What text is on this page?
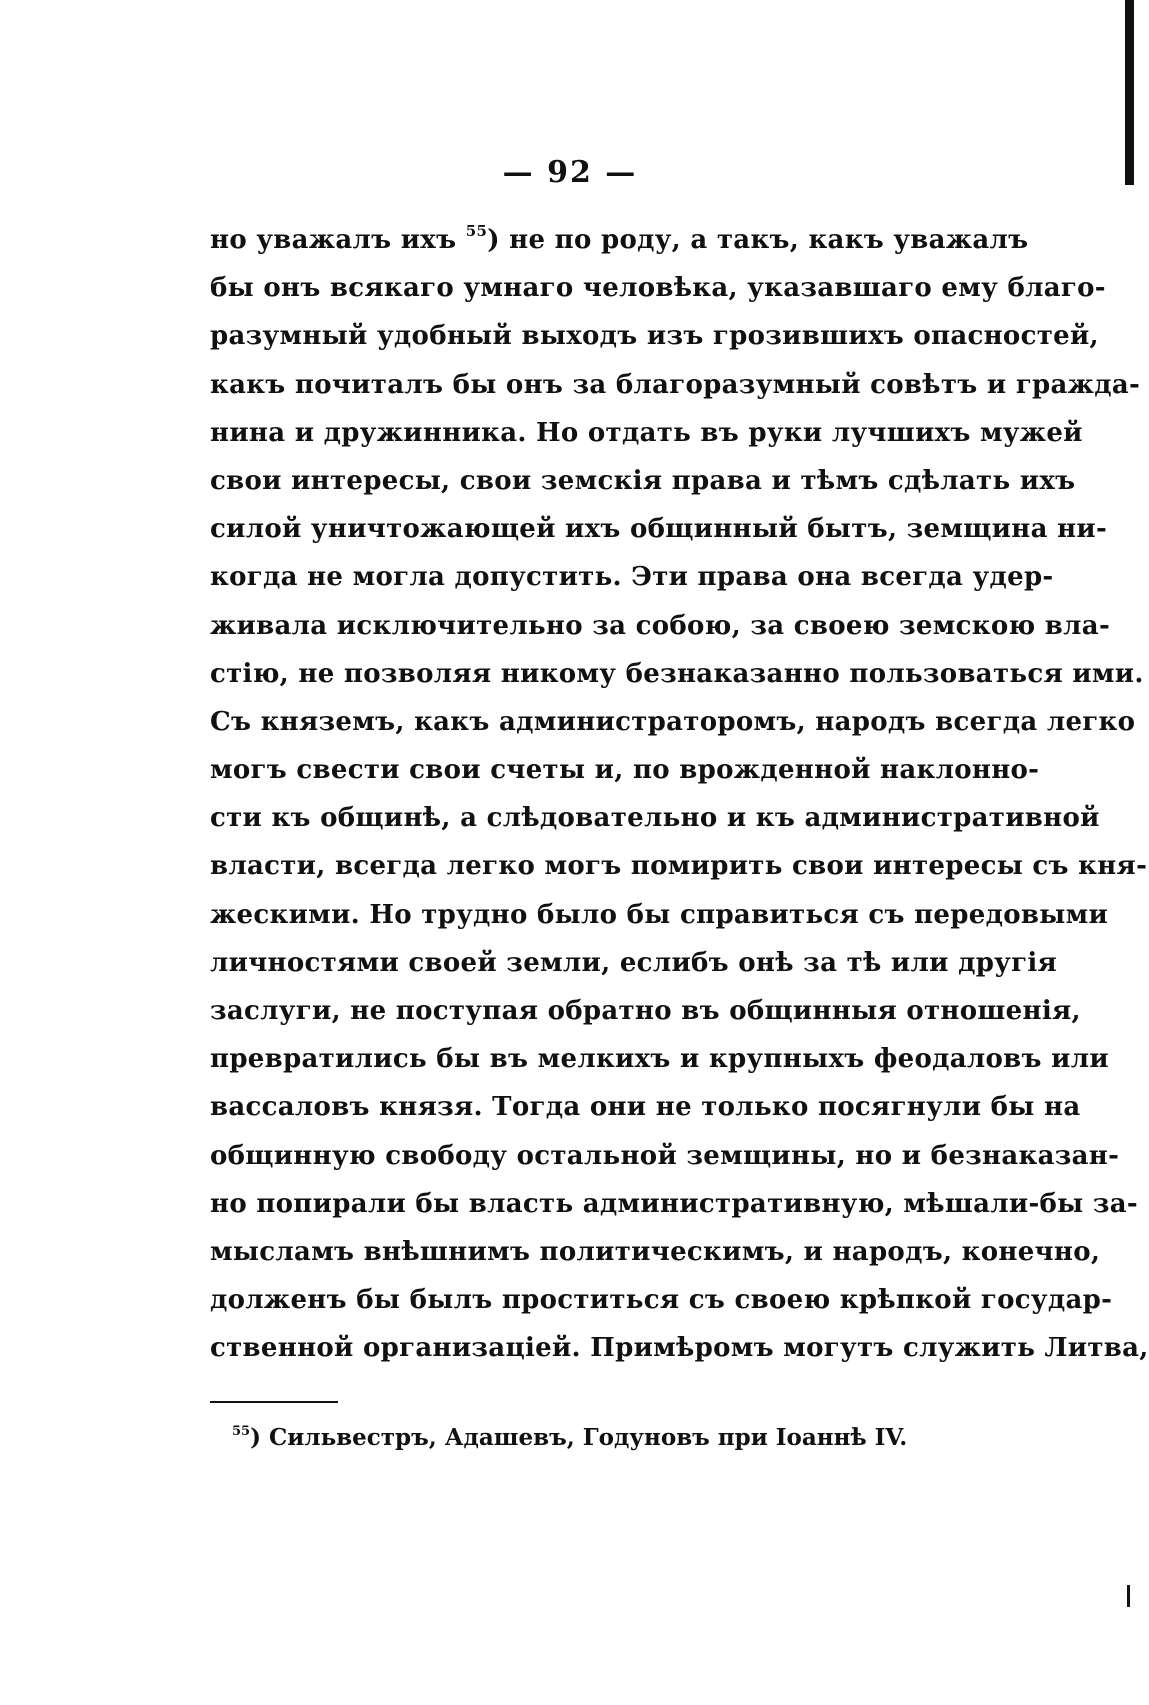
— 92 —
но уважалъ ихъ $^{55}$) не по роду, а такъ, какъ уважалъ
бы онъ всякаго умнаго человѣка, указавшаго ему благо-
разумный удобный выходъ изъ грозившихъ опасностей,
какъ почиталъ бы онъ за благоразумный совѣтъ и гражда-
нина и дружинника. Но отдать въ руки лучшихъ мужей
свои интересы, свои земскія права и тѣмъ сдѣлать ихъ
силой уничтожающей ихъ общинный бытъ, земщина ни-
когда не могла допустить. Эти права она всегда удер-
живала исключительно за собою, за своею земскою вла-
стію, не позволяя никому безнаказанно пользоваться ими.
Съ княземъ, какъ администраторомъ, народъ всегда легко
могъ свести свои счеты и, по врожденной наклонно-
сти къ общинѣ, а слѣдовательно и къ административной
власти, всегда легко могъ помирить свои интересы съ кня-
жескими. Но трудно было бы справиться съ передовыми
личностями своей земли, еслибъ онѣ за тѣ или другія
заслуги, не поступая обратно въ общинныя отношенія,
превратились бы въ мелкихъ и крупныхъ феодаловъ или
вассаловъ князя. Тогда они не только посягнули бы на
общинную свободу остальной земщины, но и безнаказан-
но попирали бы власть административную, мѣшали-бы за-
мысламъ внѣшнимъ политическимъ, и народъ, конечно,
долженъ бы былъ проститься съ своею крѣпкой государ-
ственной организаціей. Примѣромъ могутъ служить Литва,
$^{55}$) Сильвестръ, Адашевъ, Годуновъ при Іоаннѣ IV.
